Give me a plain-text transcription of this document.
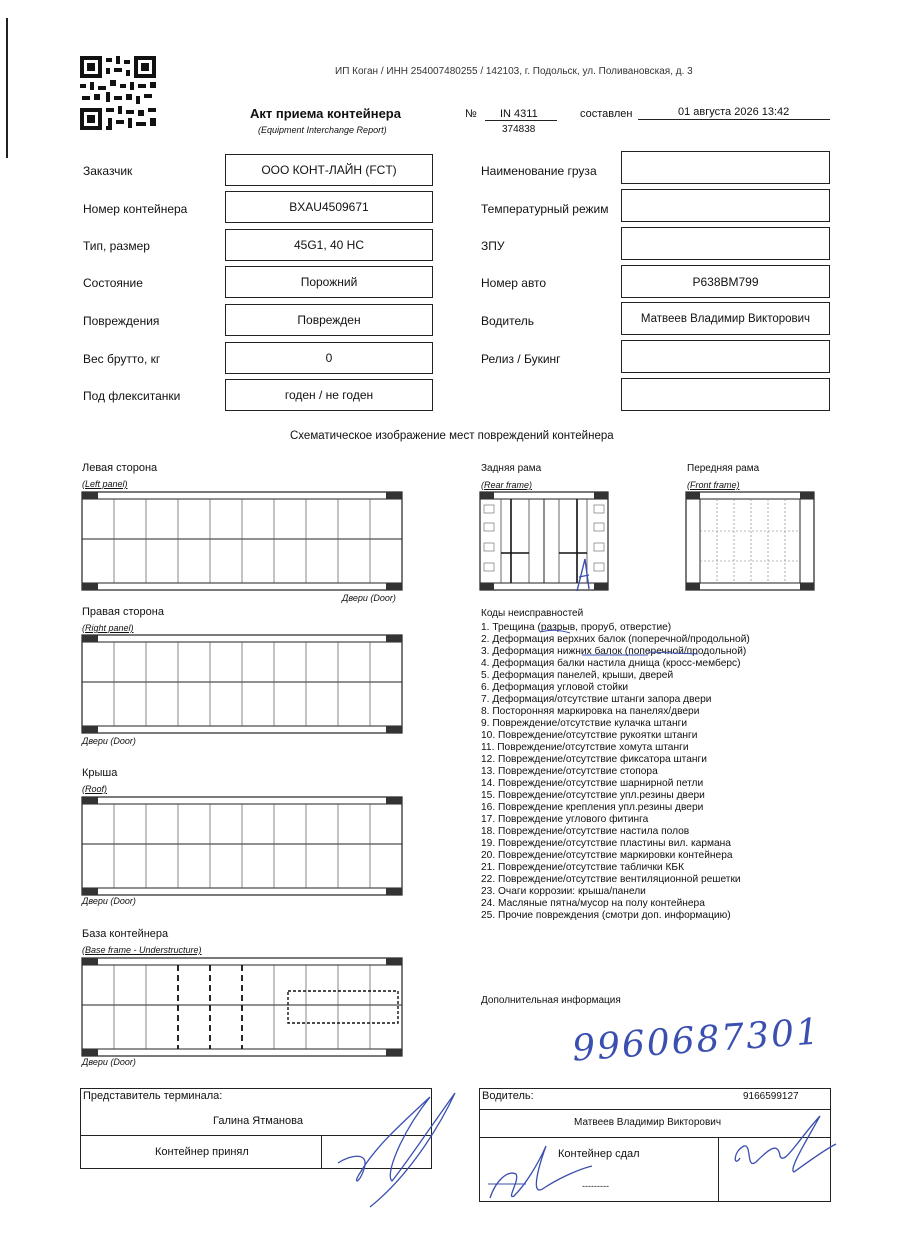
ИП Коган / ИНН 254007480255 / 142103, г. Подольск, ул. Поливановская, д. 3
Акт приема контейнера
(Equipment Interchange Report)
№ IN 4311
374838
составлен	01 августа 2026 13:42
Заказчик	ООО КОНТ-ЛАЙН (FCT)
Номер контейнера	BXAU4509671
Тип, размер	45G1, 40 HC
Состояние	Порожний
Повреждения	Поврежден
Вес брутто, кг	0
Под флекситанки	годен / не годен
Наименование груза
Температурный режим
ЗПУ
Номер авто	Р638ВМ799
Водитель	Матвеев Владимир Викторович
Релиз / Букинг
Схематическое изображение мест повреждений контейнера
Левая сторона
(Left panel)
Двери (Door)
Правая сторона
(Right panel)
Двери (Door)
Крыша
(Roof)
Двери (Door)
База контейнера
(Base frame - Understructure)
Двери (Door)
Задняя рама
(Rear frame)
Передняя рама
(Front frame)
Коды неисправностей
1. Трещина (разрыв, проруб, отверстие)
2. Деформация верхних балок (поперечной/продольной)
3. Деформация нижних балок (поперечной/продольной)
4. Деформация балки настила днища (кросс-мемберс)
5. Деформация панелей, крыши, дверей
6. Деформация угловой стойки
7. Деформация/отсутствие штанги запора двери
8. Посторонняя маркировка на панелях/двери
9. Повреждение/отсутствие кулачка штанги
10. Повреждение/отсутствие рукоятки штанги
11. Повреждение/отсутствие хомута штанги
12. Повреждение/отсутствие фиксатора штанги
13. Повреждение/отсутствие стопора
14. Повреждение/отсутствие шарнирной петли
15. Повреждение/отсутствие упл.резины двери
16. Повреждение крепления упл.резины двери
17. Повреждение углового фитинга
18. Повреждение/отсутствие настила полов
19. Повреждение/отсутствие пластины вил. кармана
20. Повреждение/отсутствие маркировки контейнера
21. Повреждение/отсутствие таблички КБК
22. Повреждение/отсутствие вентиляционной решетки
23. Очаги коррозии: крыша/панели
24. Масляные пятна/мусор на полу контейнера
25. Прочие повреждения (смотри доп. информацию)
Дополнительная информация
9960687301
Представитель терминала:
Галина Ятманова
Контейнер принял
Водитель:	9166599127
Матвеев Владимир Викторович
Контейнер сдал
---------
